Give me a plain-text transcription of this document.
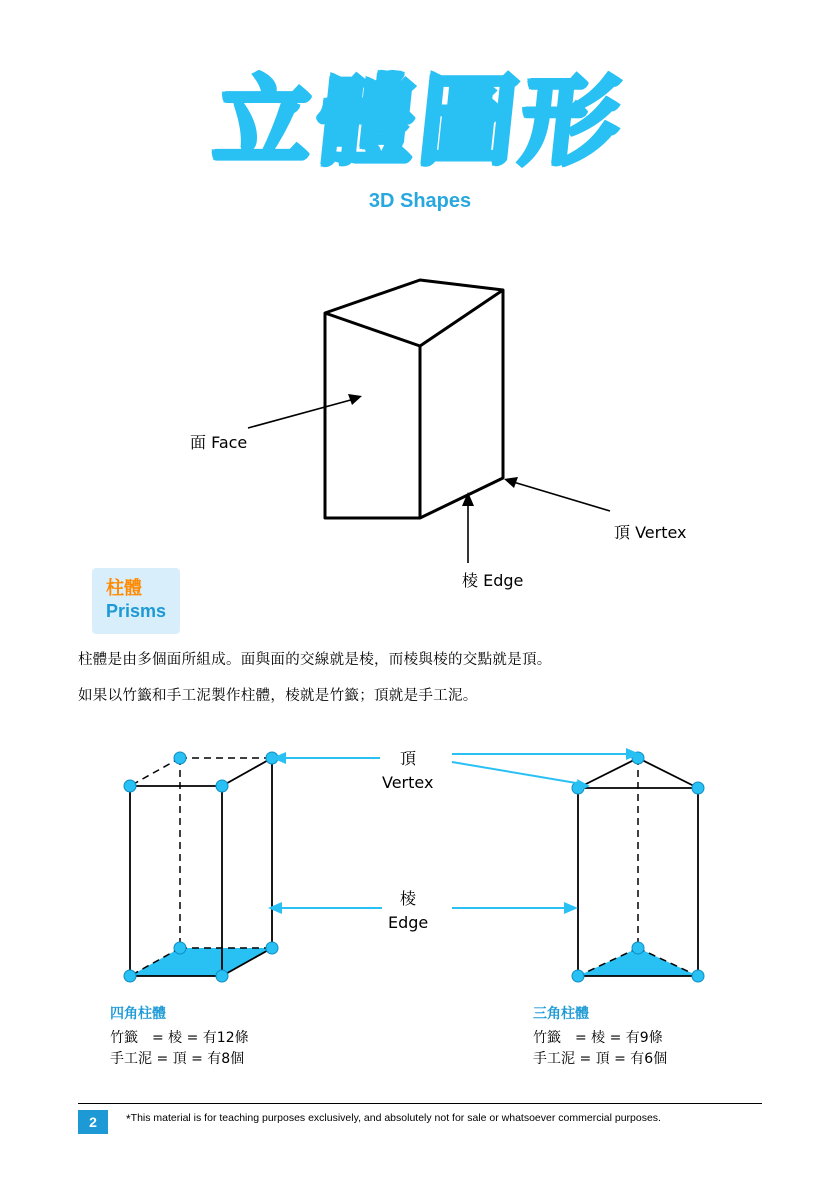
立體圖形
3D Shapes
面 Face
頂 Vertex
棱 Edge
柱體
Prisms
柱體是由多個面所組成。面與面的交線就是棱，而棱與棱的交點就是頂。
如果以竹籤和手工泥製作柱體，棱就是竹籤；頂就是手工泥。
頂
Vertex
棱
Edge
四角柱體
竹籤　= 棱 = 有12條
手工泥 = 頂 = 有8個
三角柱體
竹籤　= 棱 = 有9條
手工泥 = 頂 = 有6個
2	*This material is for teaching purposes exclusively, and absolutely not for sale or whatsoever commercial purposes.
